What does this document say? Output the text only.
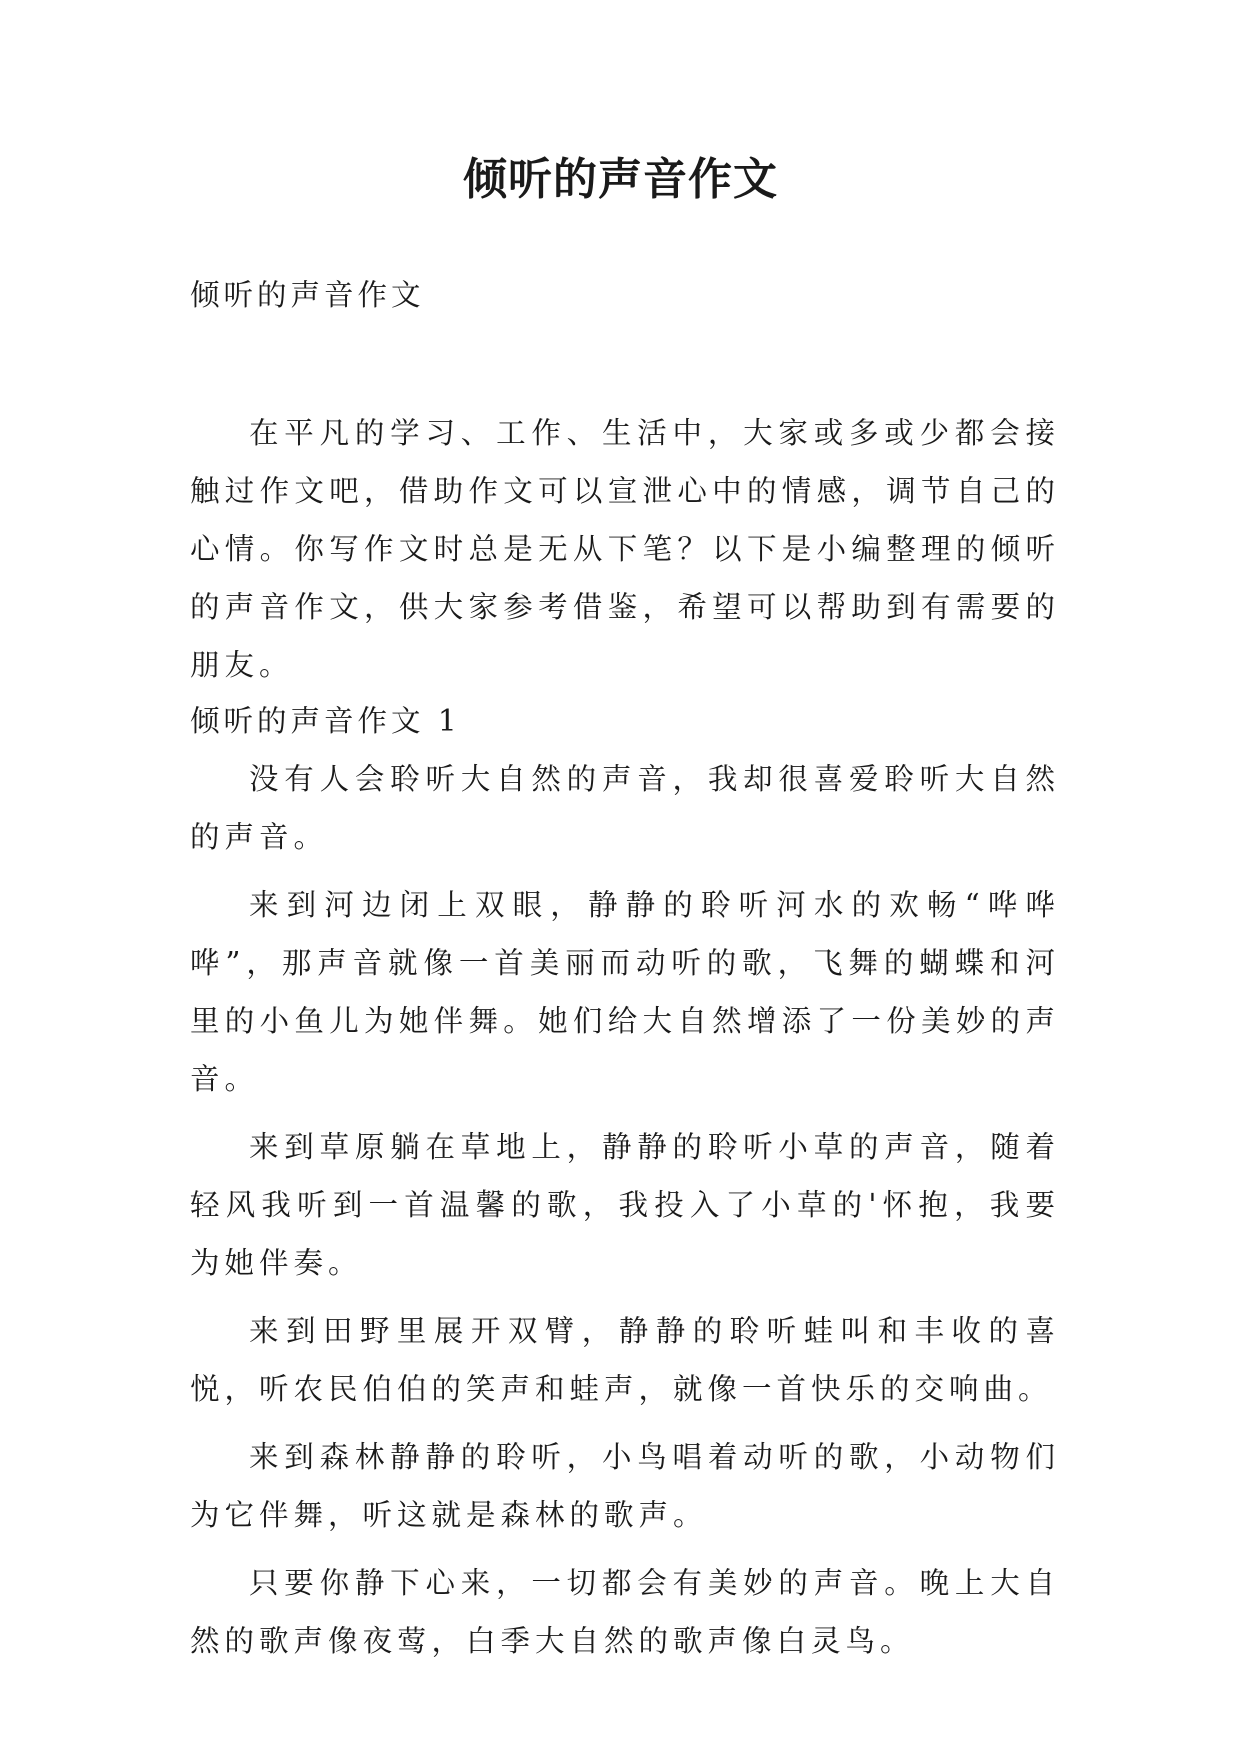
倾听的声音作文

倾听的声音作文

在平凡的学习、工作、生活中，大家或多或少都会接触过作文吧，借助作文可以宣泄心中的情感，调节自己的心情。你写作文时总是无从下笔？以下是小编整理的倾听的声音作文，供大家参考借鉴，希望可以帮助到有需要的朋友。

倾听的声音作文 1

没有人会聆听大自然的声音，我却很喜爱聆听大自然的声音。

来到河边闭上双眼，静静的聆听河水的欢畅“哗哗哗”，那声音就像一首美丽而动听的歌，飞舞的蝴蝶和河里的小鱼儿为她伴舞。她们给大自然增添了一份美妙的声音。

来到草原躺在草地上，静静的聆听小草的声音，随着轻风我听到一首温馨的歌，我投入了小草的'怀抱，我要为她伴奏。

来到田野里展开双臂，静静的聆听蛙叫和丰收的喜悦，听农民伯伯的笑声和蛙声，就像一首快乐的交响曲。

来到森林静静的聆听，小鸟唱着动听的歌，小动物们为它伴舞，听这就是森林的歌声。

只要你静下心来，一切都会有美妙的声音。晚上大自然的歌声像夜莺，白季大自然的歌声像白灵鸟。
